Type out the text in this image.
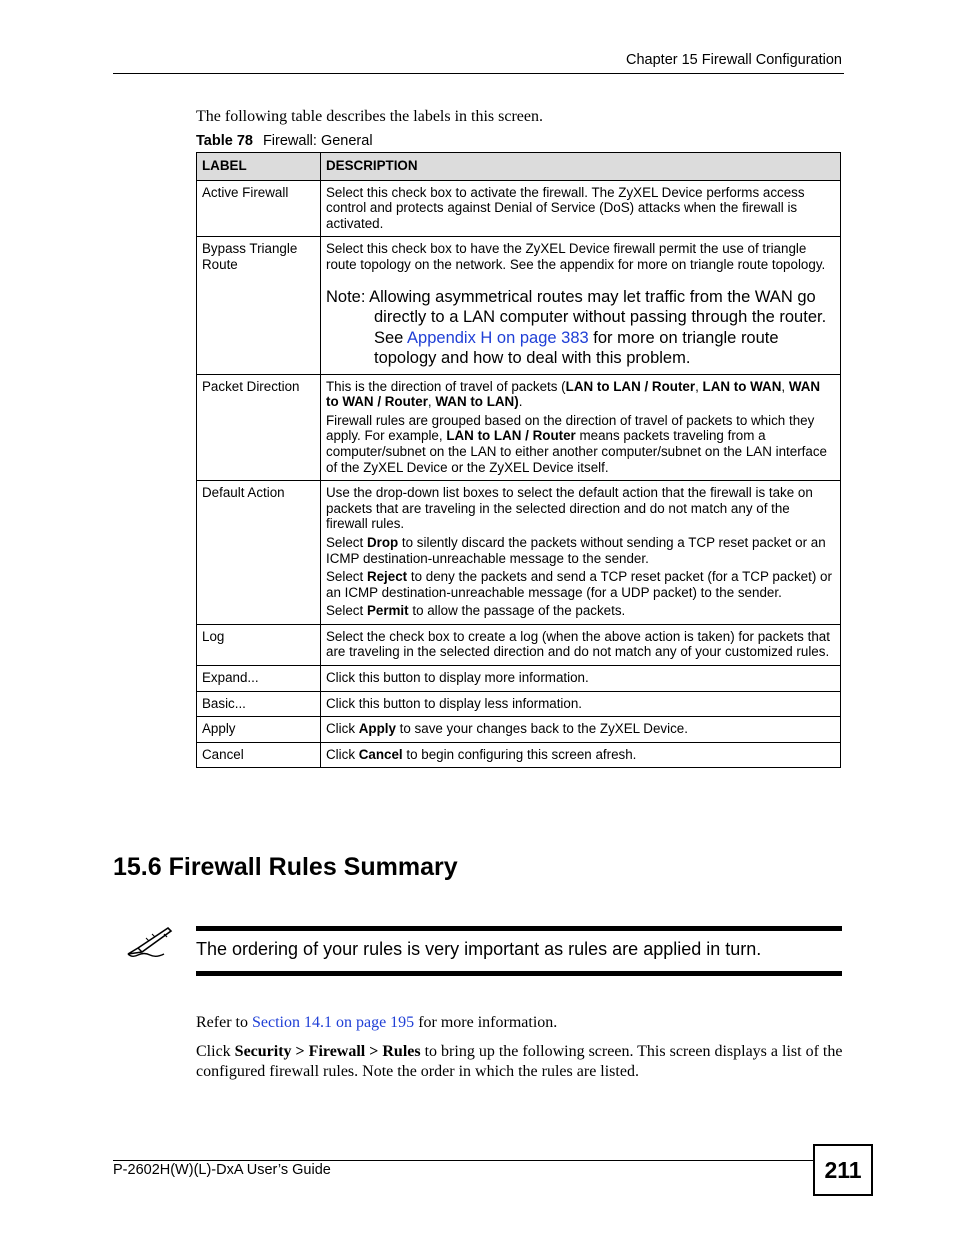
Chapter 15 Firewall Configuration
The following table describes the labels in this screen.
Table 78 Firewall: General
LABEL	DESCRIPTION
Active Firewall	Select this check box to activate the firewall. The ZyXEL Device performs access control and protects against Denial of Service (DoS) attacks when the firewall is activated.
Bypass Triangle Route	Select this check box to have the ZyXEL Device firewall permit the use of triangle route topology on the network. See the appendix for more on triangle route topology.

Note: Allowing asymmetrical routes may let traffic from the WAN go directly to a LAN computer without passing through the router. See Appendix H on page 383 for more on triangle route topology and how to deal with this problem.

Packet Direction	This is the direction of travel of packets (LAN to LAN / Router, LAN to WAN, WAN to WAN / Router, WAN to LAN).

Firewall rules are grouped based on the direction of travel of packets to which they apply. For example, LAN to LAN / Router means packets traveling from a computer/subnet on the LAN to either another computer/subnet on the LAN interface of the ZyXEL Device or the ZyXEL Device itself.

Default Action	Use the drop-down list boxes to select the default action that the firewall is take on packets that are traveling in the selected direction and do not match any of the firewall rules.

Select Drop to silently discard the packets without sending a TCP reset packet or an ICMP destination-unreachable message to the sender.

Select Reject to deny the packets and send a TCP reset packet (for a TCP packet) or an ICMP destination-unreachable message (for a UDP packet) to the sender.

Select Permit to allow the passage of the packets.

Log	Select the check box to create a log (when the above action is taken) for packets that are traveling in the selected direction and do not match any of your customized rules.
Expand...	Click this button to display more information.
Basic...	Click this button to display less information.
Apply	Click Apply to save your changes back to the ZyXEL Device.
Cancel	Click Cancel to begin configuring this screen afresh.
15.6 Firewall Rules Summary
The ordering of your rules is very important as rules are applied in turn.
Refer to Section 14.1 on page 195 for more information.
Click Security > Firewall > Rules to bring up the following screen. This screen displays a list of the configured firewall rules. Note the order in which the rules are listed.
P-2602H(W)(L)-DxA User’s Guide	211
